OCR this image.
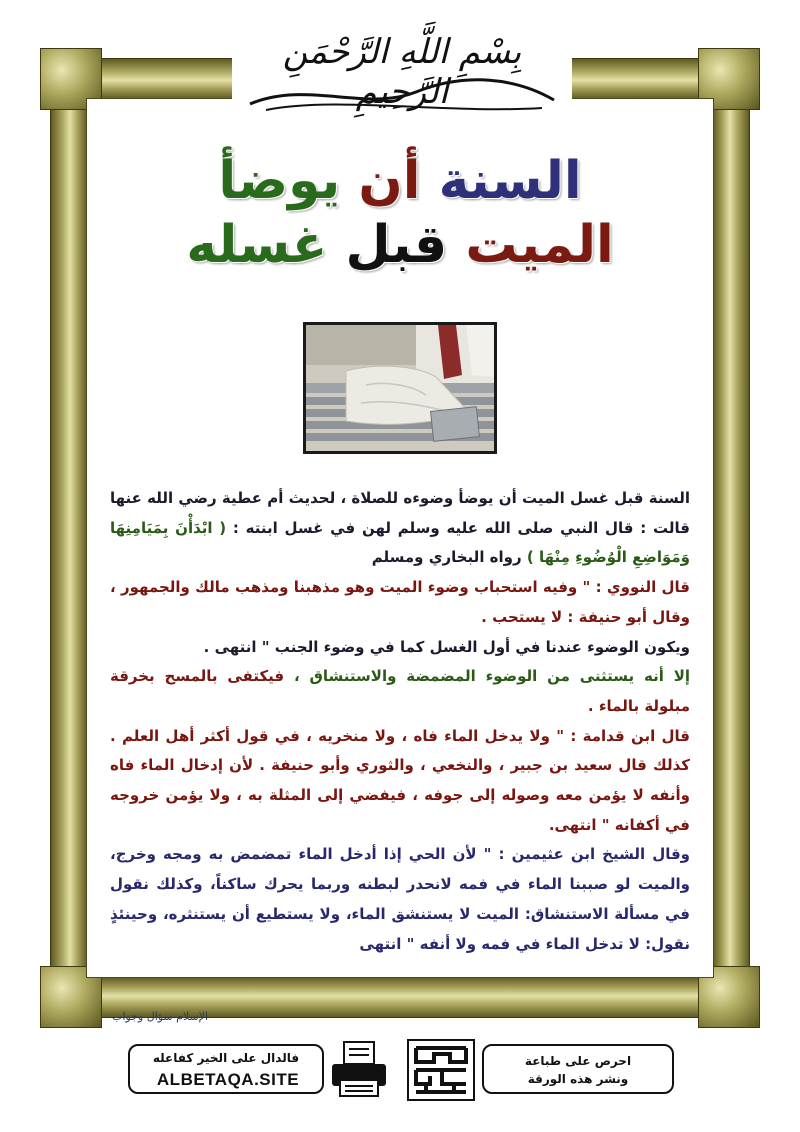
بِسْمِ اللَّهِ الرَّحْمَنِ الرَّحِيمِ
السنة أن يوضأ
الميت قبل غسله

السنة قبل غسل الميت أن يوضأ وضوءه للصلاة ، لحديث أم عطية رضي الله عنها قالت : قال النبي صلى الله عليه وسلم لهن في غسل ابنته : ( ابْدَأْنَ بِمَيَامِنِهَا وَمَوَاضِعِ الْوُضُوءِ مِنْهَا ) رواه البخاري ومسلم

قال النووي : " وفيه استحباب وضوء الميت وهو مذهبنا ومذهب مالك والجمهور ، وقال أبو حنيفة : لا يستحب .

ويكون الوضوء عندنا في أول الغسل كما في وضوء الجنب " انتهى .

إلا أنه يستثنى من الوضوء المضمضة والاستنشاق ، فيكتفى بالمسح بخرقة مبلولة بالماء .

قال ابن قدامة : " ولا يدخل الماء فاه ، ولا منخريه ، في قول أكثر أهل العلم . كذلك قال سعيد بن جبير ، والنخعي ، والثوري وأبو حنيفة . لأن إدخال الماء فاه وأنفه لا يؤمن معه وصوله إلى جوفه ، فيفضي إلى المثلة به ، ولا يؤمن خروجه في أكفانه " انتهى.

وقال الشيخ ابن عثيمين : " لأن الحي إذا أدخل الماء تمضمض به ومجه وخرج، والميت لو صببنا الماء في فمه لانحدر لبطنه وربما يحرك ساكناً، وكذلك نقول في مسألة الاستنشاق: الميت لا يستنشق الماء، ولا يستطيع أن يستنثره، وحينئذٍ نقول: لا تدخل الماء في فمه ولا أنفه " انتهى

الإسلام سؤال وجواب
فالدال على الخير كفاعله
ALBETAQA.SITE
احرص على طباعة
ونشر هذه الورقة
